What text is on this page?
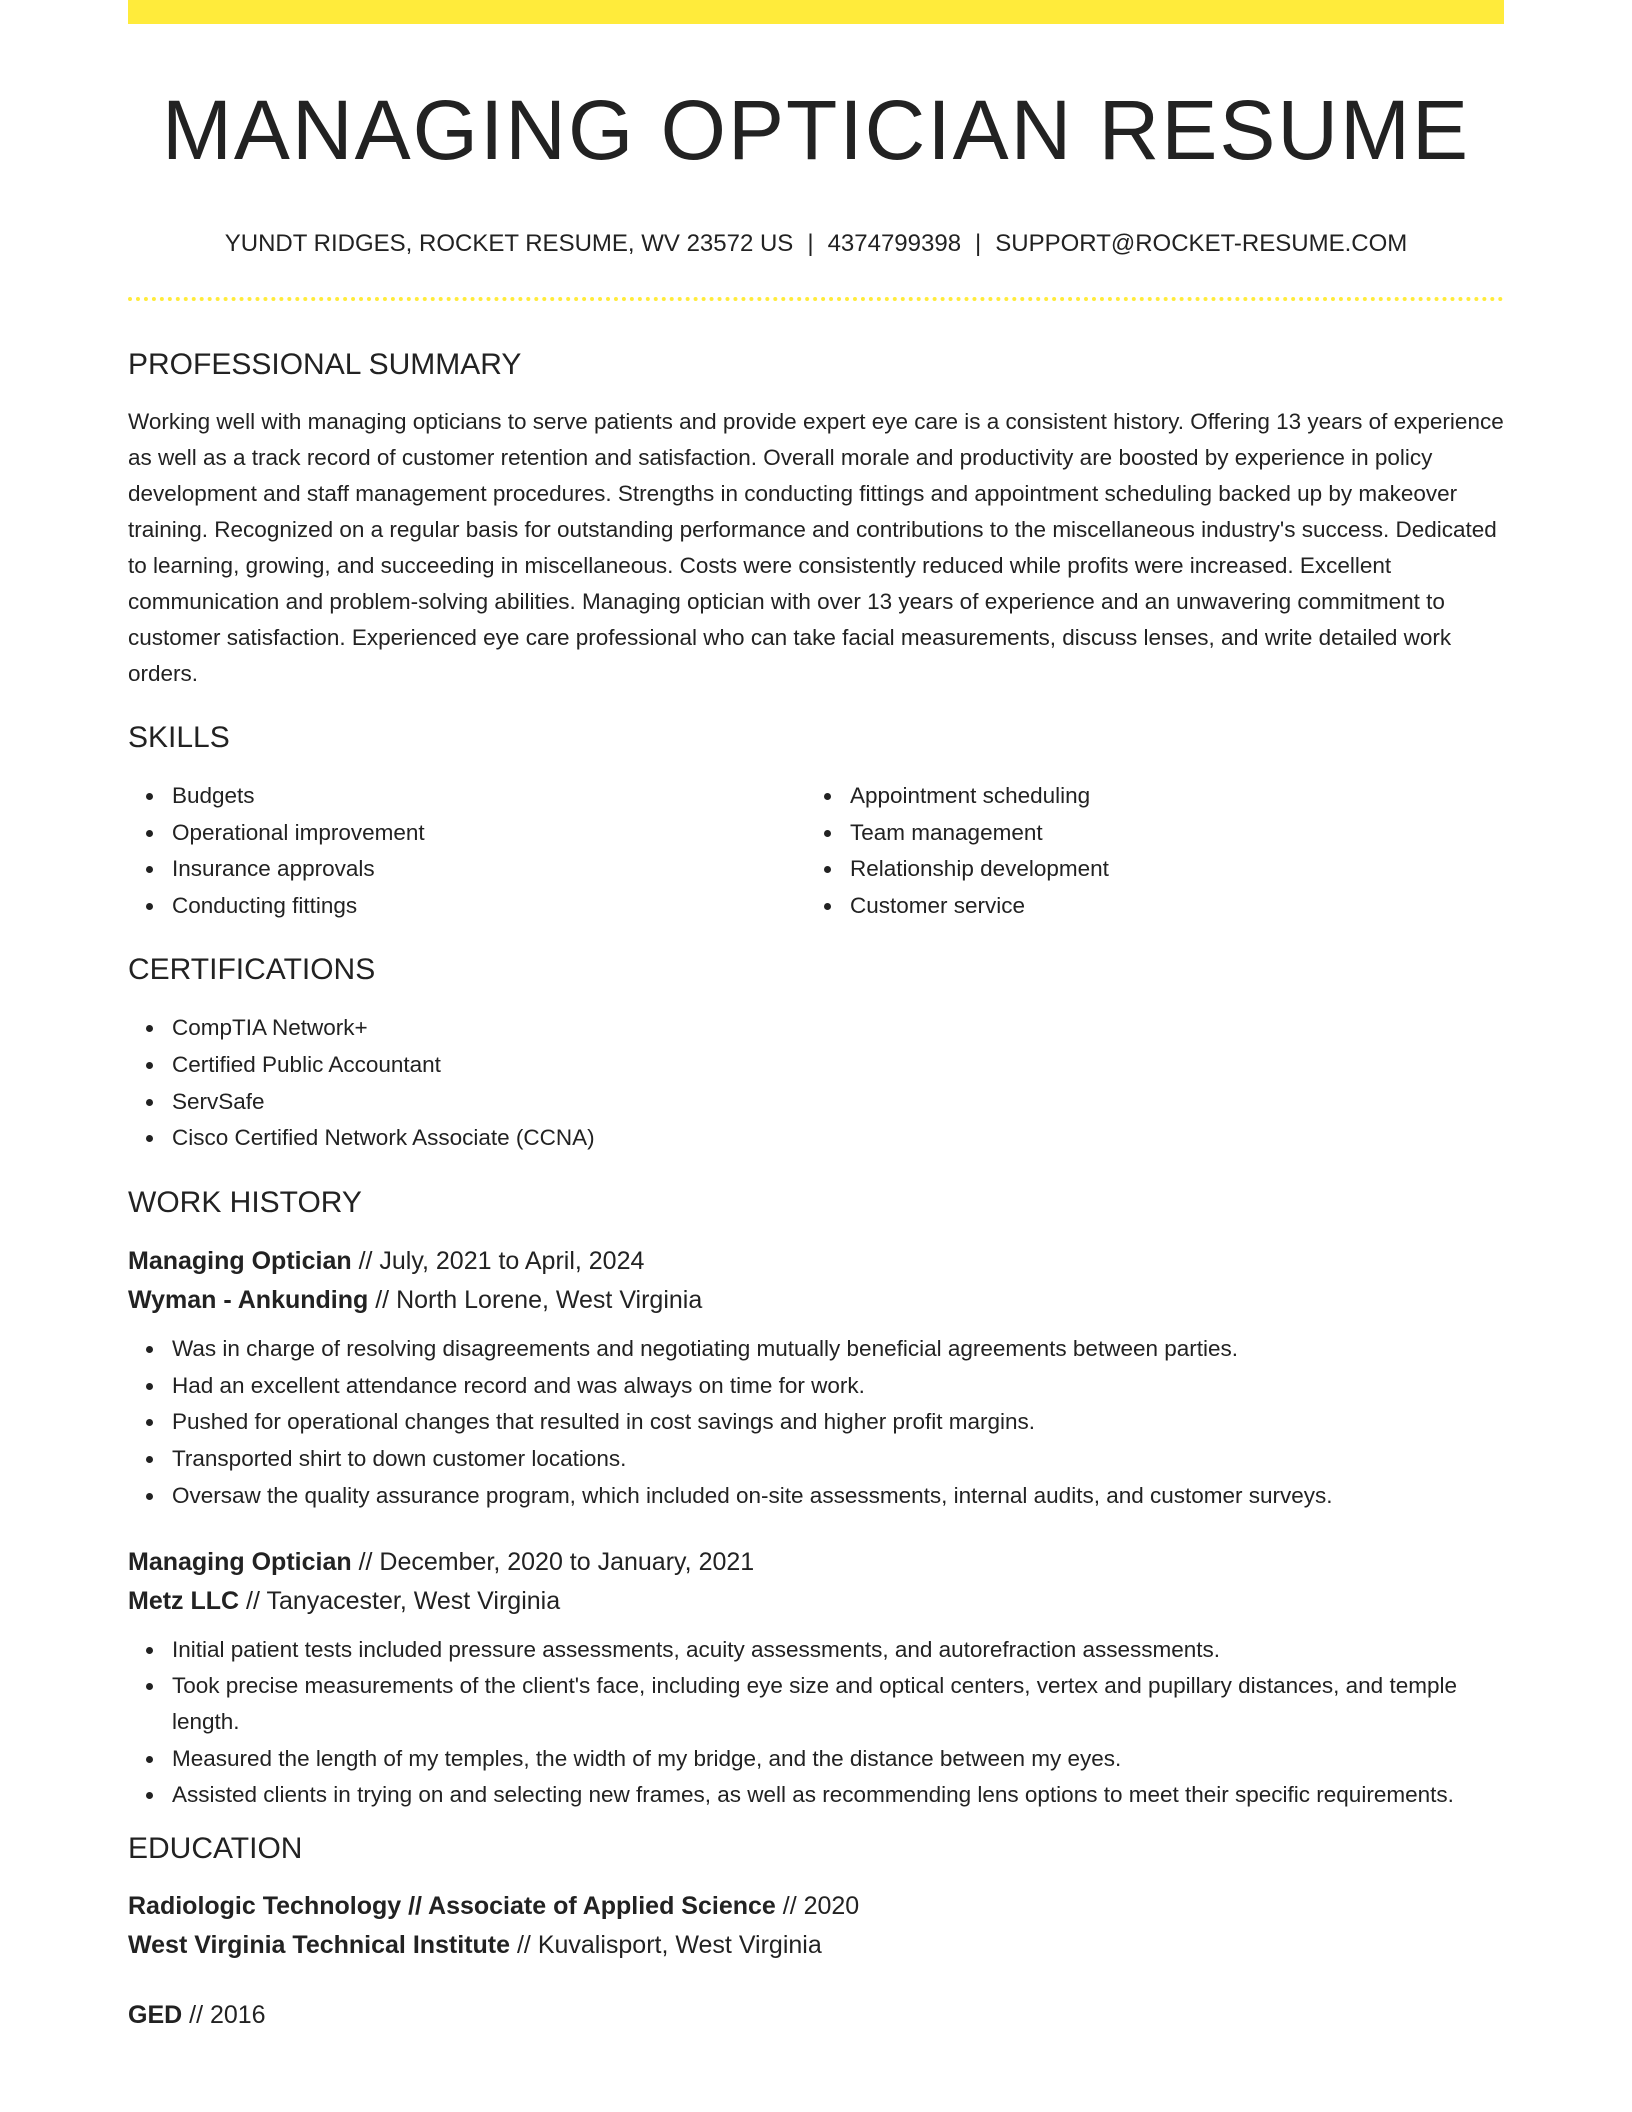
MANAGING OPTICIAN RESUME
YUNDT RIDGES, ROCKET RESUME, WV 23572 US | 4374799398 | SUPPORT@ROCKET-RESUME.COM
PROFESSIONAL SUMMARY

Working well with managing opticians to serve patients and provide expert eye care is a consistent history. Offering 13 years of experience as well as a track record of customer retention and satisfaction. Overall morale and productivity are boosted by experience in policy development and staff management procedures. Strengths in conducting fittings and appointment scheduling backed up by makeover training. Recognized on a regular basis for outstanding performance and contributions to the miscellaneous industry's success. Dedicated to learning, growing, and succeeding in miscellaneous. Costs were consistently reduced while profits were increased. Excellent communication and problem-solving abilities. Managing optician with over 13 years of experience and an unwavering commitment to customer satisfaction. Experienced eye care professional who can take facial measurements, discuss lenses, and write detailed work orders.

SKILLS
Budgets
Operational improvement
Insurance approvals
Conducting fittings
Appointment scheduling
Team management
Relationship development
Customer service
CERTIFICATIONS
CompTIA Network+
Certified Public Accountant
ServSafe
Cisco Certified Network Associate (CCNA)
WORK HISTORY
Managing Optician // July, 2021 to April, 2024
Wyman - Ankunding // North Lorene, West Virginia
Was in charge of resolving disagreements and negotiating mutually beneficial agreements between parties.
Had an excellent attendance record and was always on time for work.
Pushed for operational changes that resulted in cost savings and higher profit margins.
Transported shirt to down customer locations.
Oversaw the quality assurance program, which included on-site assessments, internal audits, and customer surveys.
Managing Optician // December, 2020 to January, 2021
Metz LLC // Tanyacester, West Virginia
Initial patient tests included pressure assessments, acuity assessments, and autorefraction assessments.
Took precise measurements of the client's face, including eye size and optical centers, vertex and pupillary distances, and temple length.
Measured the length of my temples, the width of my bridge, and the distance between my eyes.
Assisted clients in trying on and selecting new frames, as well as recommending lens options to meet their specific requirements.
EDUCATION
Radiologic Technology // Associate of Applied Science // 2020
West Virginia Technical Institute // Kuvalisport, West Virginia
GED // 2016
